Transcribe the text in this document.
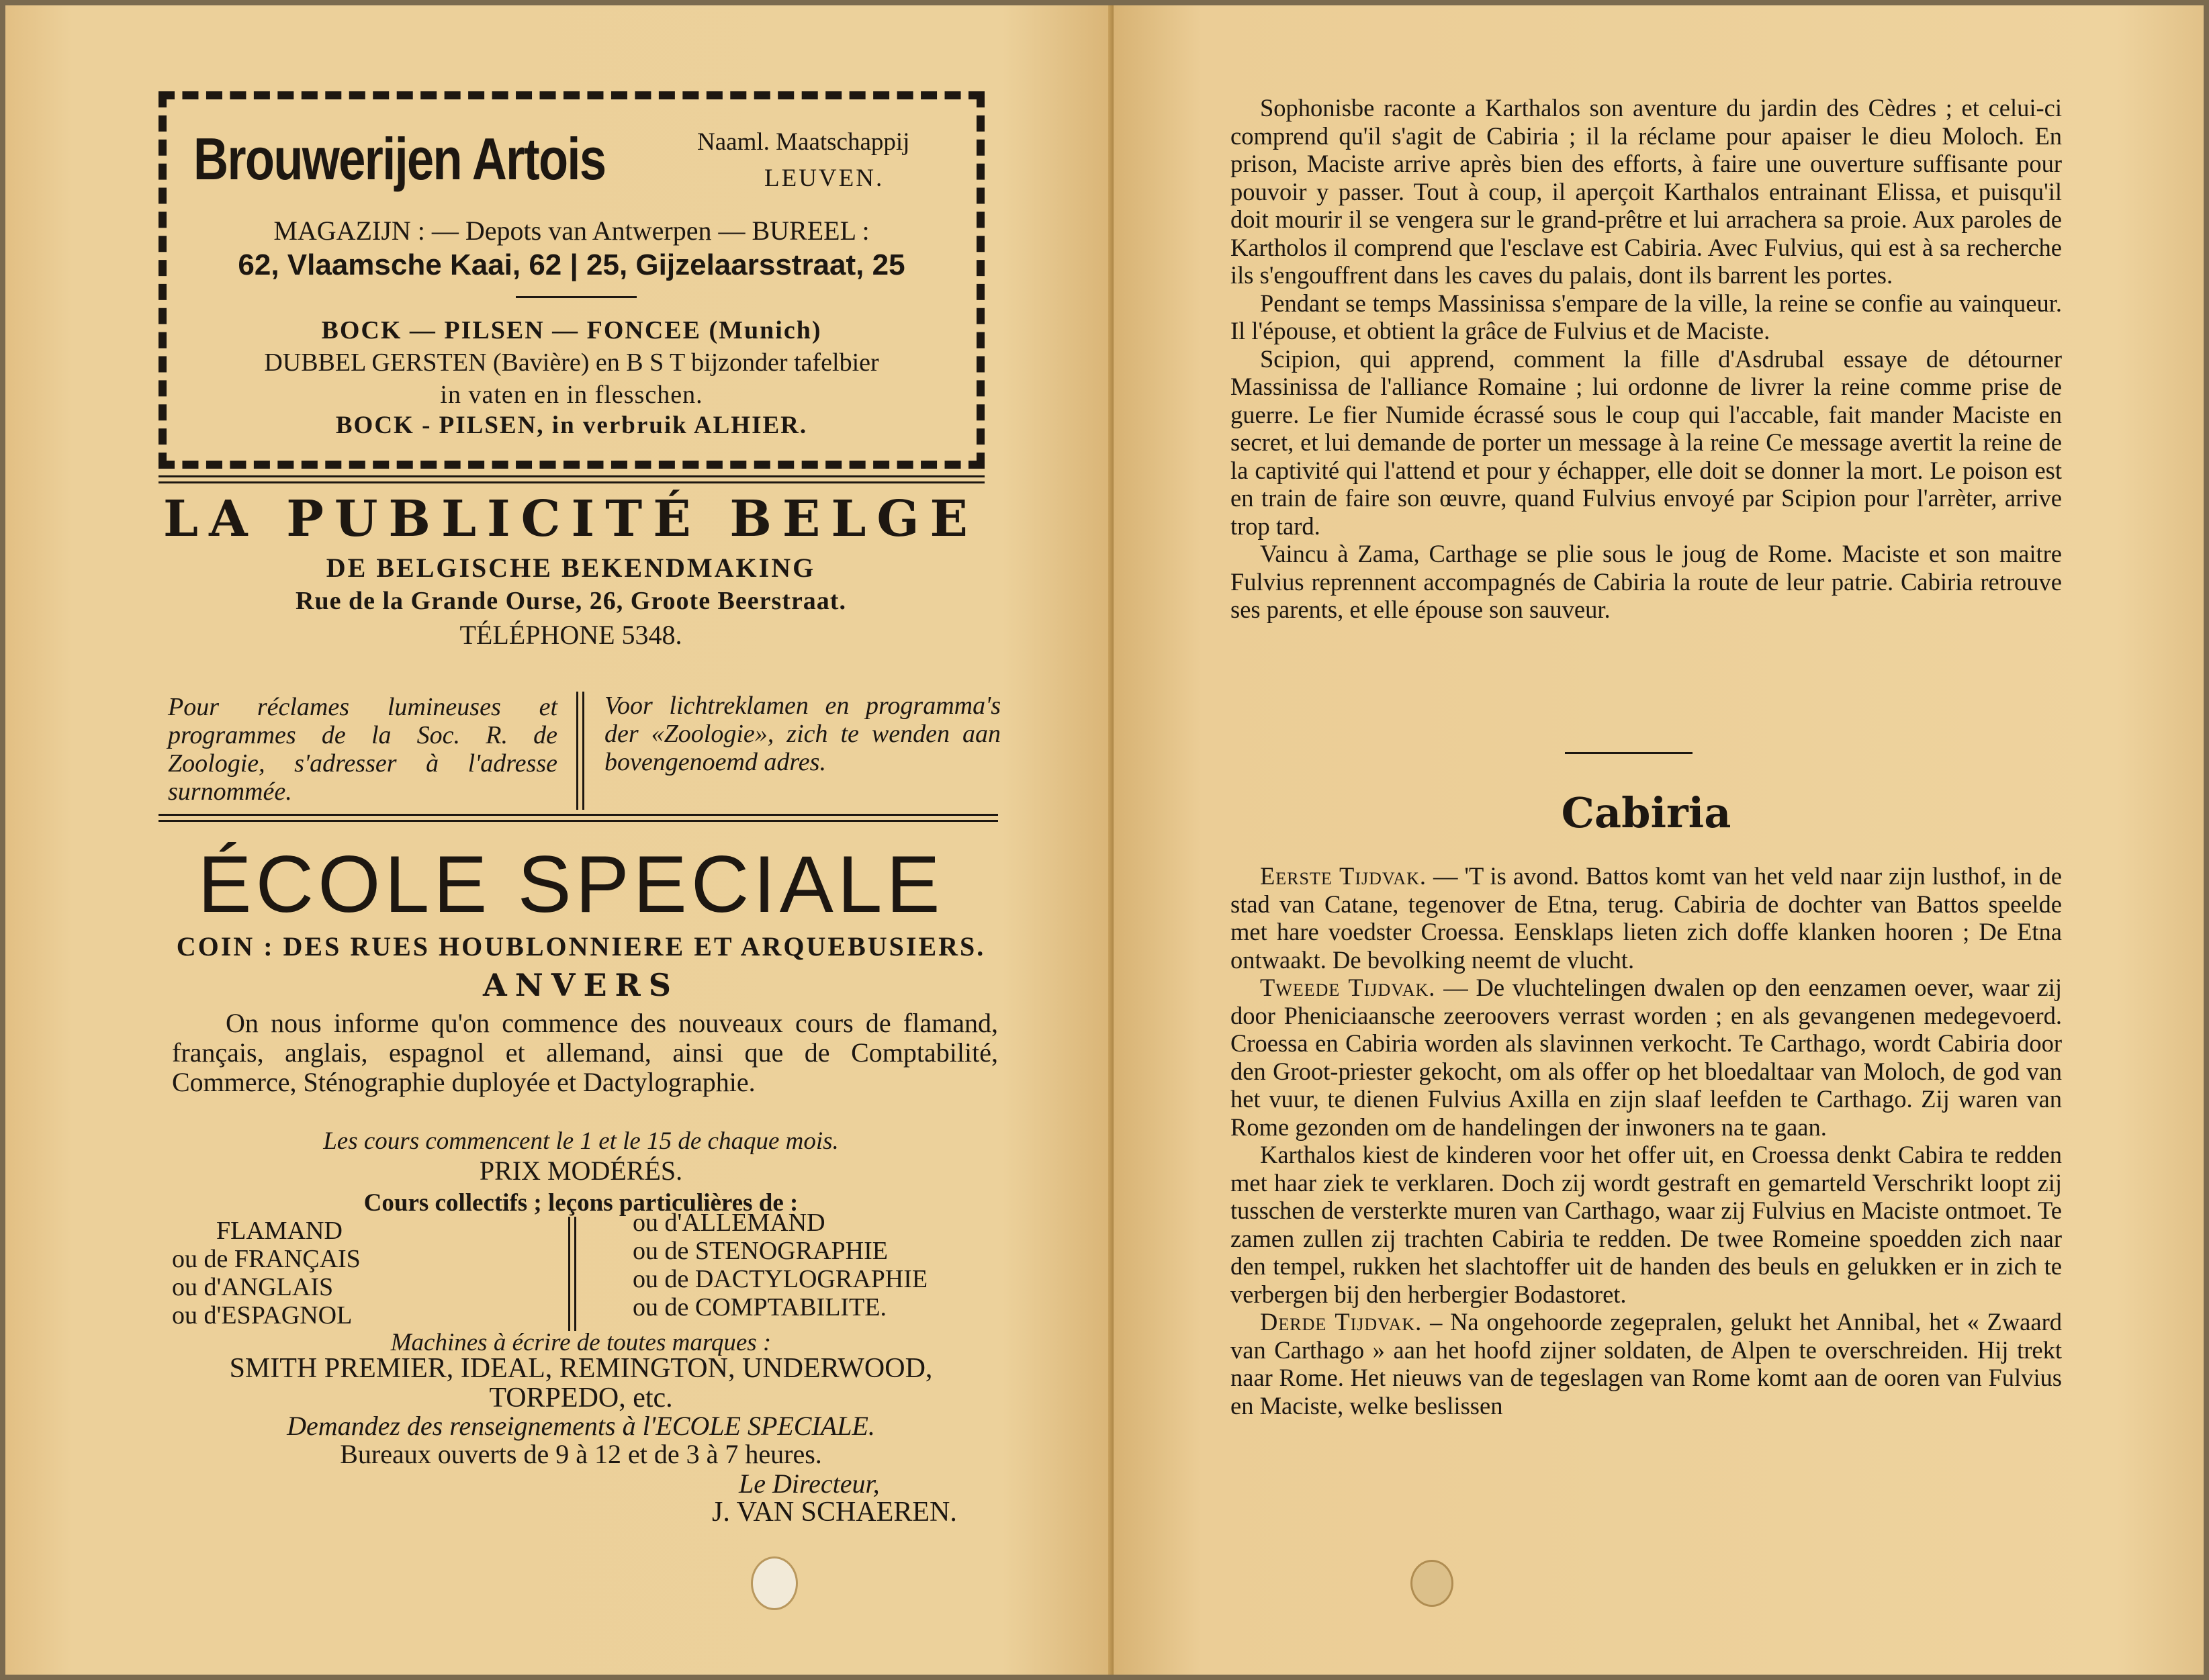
Brouwerijen Artois	Naaml. Maatschappij
LEUVEN.
MAGAZIJN : — Depots van Antwerpen — BUREEL :
62, Vlaamsche Kaai, 62 | 25, Gijzelaarsstraat, 25
BOCK — PILSEN — FONCEE (Munich)
DUBBEL GERSTEN (Bavière) en B S T bijzonder tafelbier
in vaten en in flesschen.
BOCK - PILSEN, in verbruik ALHIER.
LA PUBLICITÉ BELGE
DE BELGISCHE BEKENDMAKING
Rue de la Grande Ourse, 26, Groote Beerstraat.
TÉLÉPHONE 5348.
Pour réclames lumineuses et programmes de la Soc. R. de Zoologie, s'adresser à l'adresse surnommée.
Voor lichtreklamen en programma's der «Zoologie», zich te wenden aan bovengenoemd adres.
ÉCOLE SPECIALE
COIN : DES RUES HOUBLONNIERE ET ARQUEBUSIERS.
ANVERS
On nous informe qu'on commence des nouveaux cours de flamand, français, anglais, espagnol et allemand, ainsi que de Comptabilité, Commerce, Sténographie duployée et Dactylographie.
Les cours commencent le 1 et le 15 de chaque mois.
PRIX MODÉRÉS.
Cours collectifs ; leçons particulières de :
FLAMAND
ou de FRANÇAIS
ou d'ANGLAIS
ou d'ESPAGNOL
ou d'ALLEMAND
ou de STENOGRAPHIE
ou de DACTYLOGRAPHIE
ou de COMPTABILITE.
Machines à écrire de toutes marques :
SMITH PREMIER, IDEAL, REMINGTON, UNDERWOOD, TORPEDO, etc.
Demandez des renseignements à l'ECOLE SPECIALE.
Bureaux ouverts de 9 à 12 et de 3 à 7 heures.
Le Directeur,
J. VAN SCHAEREN.

Sophonisbe raconte a Karthalos son aventure du jardin des Cèdres ; et celui-ci comprend qu'il s'agit de Cabiria ; il la réclame pour apaiser le dieu Moloch. En prison, Maciste arrive après bien des efforts, à faire une ouverture suffisante pour pouvoir y passer. Tout à coup, il aperçoit Karthalos entrainant Elissa, et puisqu'il doit mourir il se vengera sur le grand-prêtre et lui arrachera sa proie. Aux paroles de Kartholos il comprend que l'esclave est Cabiria. Avec Fulvius, qui est à sa recherche ils s'engouffrent dans les caves du palais, dont ils barrent les portes.

Pendant se temps Massinissa s'empare de la ville, la reine se confie au vainqueur. Il l'épouse, et obtient la grâce de Fulvius et de Maciste.

Scipion, qui apprend, comment la fille d'Asdrubal essaye de détourner Massinissa de l'alliance Romaine ; lui ordonne de livrer la reine comme prise de guerre. Le fier Numide écrassé sous le coup qui l'accable, fait mander Maciste en secret, et lui demande de porter un message à la reine Ce message avertit la reine de la captivité qui l'attend et pour y échapper, elle doit se donner la mort. Le poison est en train de faire son œuvre, quand Fulvius envoyé par Scipion pour l'arrèter, arrive trop tard.

Vaincu à Zama, Carthage se plie sous le joug de Rome. Maciste et son maitre Fulvius reprennent accompagnés de Cabiria la route de leur patrie. Cabiria retrouve ses parents, et elle épouse son sauveur.

Cabiria

Eerste Tijdvak. — 'T is avond. Battos komt van het veld naar zijn lusthof, in de stad van Catane, tegenover de Etna, terug. Cabiria de dochter van Battos speelde met hare voedster Croessa. Eensklaps lieten zich doffe klanken hooren ; De Etna ontwaakt. De bevolking neemt de vlucht.

Tweede Tijdvak. — De vluchtelingen dwalen op den eenzamen oever, waar zij door Pheniciaansche zeeroovers verrast worden ; en als gevangenen medegevoerd. Croessa en Cabiria worden als slavinnen verkocht. Te Carthago, wordt Cabiria door den Groot-priester gekocht, om als offer op het bloedaltaar van Moloch, de god van het vuur, te dienen Fulvius Axilla en zijn slaaf leefden te Carthago. Zij waren van Rome gezonden om de handelingen der inwoners na te gaan.

Karthalos kiest de kinderen voor het offer uit, en Croessa denkt Cabira te redden met haar ziek te verklaren. Doch zij wordt gestraft en gemarteld Verschrikt loopt zij tusschen de versterkte muren van Carthago, waar zij Fulvius en Maciste ontmoet. Te zamen zullen zij trachten Cabiria te redden. De twee Romeine spoedden zich naar den tempel, rukken het slachtoffer uit de handen des beuls en gelukken er in zich te verbergen bij den herbergier Bodastoret.

Derde Tijdvak. – Na ongehoorde zegepralen, gelukt het Annibal, het « Zwaard van Carthago » aan het hoofd zijner soldaten, de Alpen te overschreiden. Hij trekt naar Rome. Het nieuws van de tegeslagen van Rome komt aan de ooren van Fulvius en Maciste, welke beslissen
